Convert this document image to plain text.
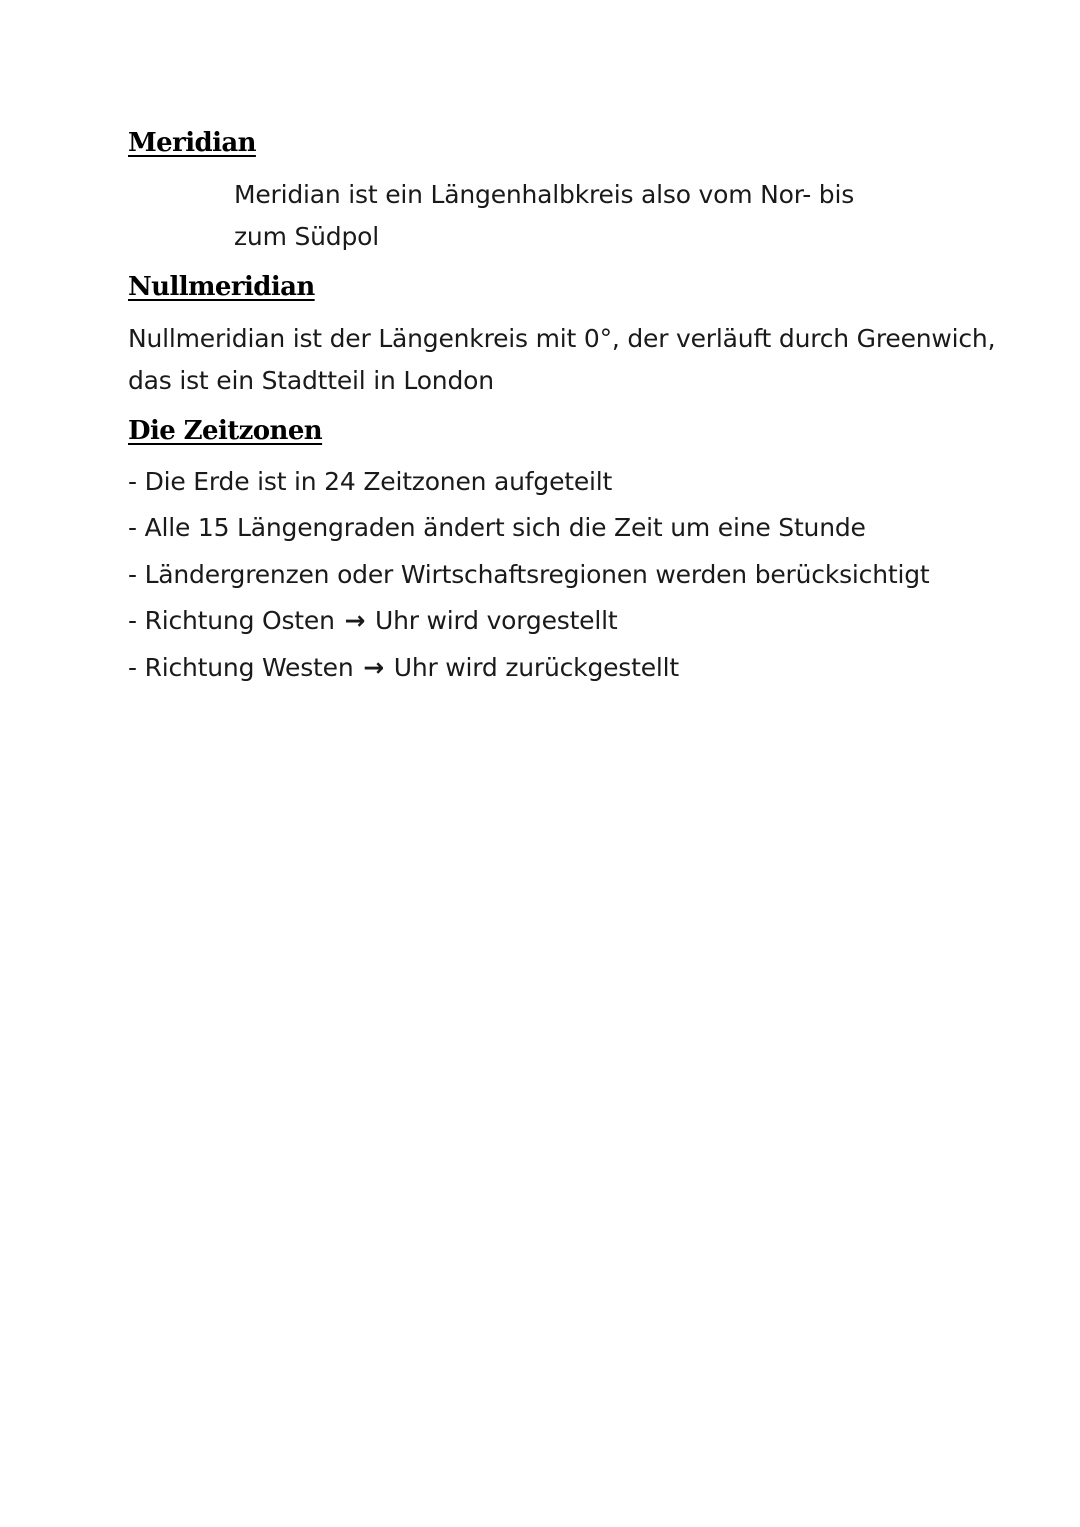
Meridian
Meridian ist ein Längenhalbkreis also vom Nor- bis
zum Südpol
Nullmeridian
Nullmeridian ist der Längenkreis mit 0°, der verläuft durch Greenwich,
das ist ein Stadtteil in London
Die Zeitzonen
- Die Erde ist in 24 Zeitzonen aufgeteilt
- Alle 15 Längengraden ändert sich die Zeit um eine Stunde
- Ländergrenzen oder Wirtschaftsregionen werden berücksichtigt
- Richtung Osten → Uhr wird vorgestellt
- Richtung Westen → Uhr wird zurückgestellt
